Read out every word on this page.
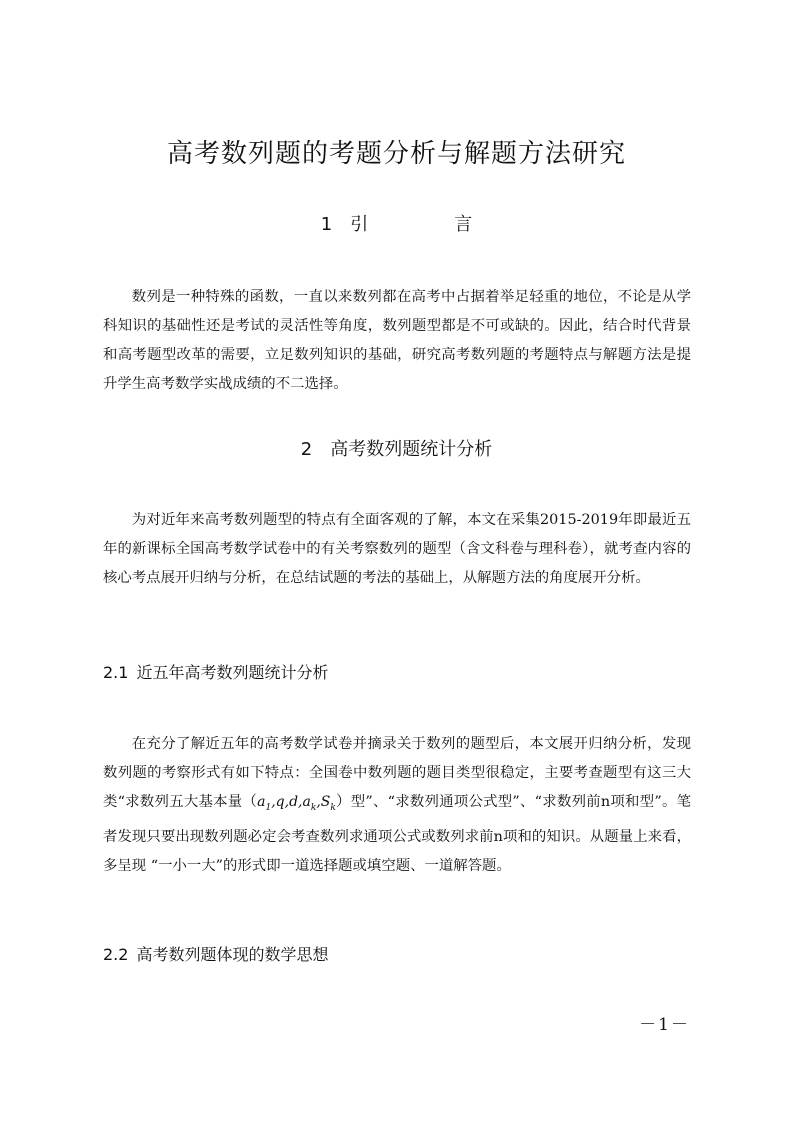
高考数列题的考题分析与解题方法研究
1 引　言

数列是一种特殊的函数，一直以来数列都在高考中占据着举足轻重的地位，不论是从学科知识的基础性还是考试的灵活性等角度，数列题型都是不可或缺的。因此，结合时代背景和高考题型改革的需要，立足数列知识的基础，研究高考数列题的考题特点与解题方法是提升学生高考数学实战成绩的不二选择。

2 高考数列题统计分析

为对近年来高考数列题型的特点有全面客观的了解，本文在采集2015-2019年即最近五年的新课标全国高考数学试卷中的有关考察数列的题型（含文科卷与理科卷），就考查内容的核心考点展开归纳与分析，在总结试题的考法的基础上，从解题方法的角度展开分析。

2.1 近五年高考数列题统计分析

在充分了解近五年的高考数学试卷并摘录关于数列的题型后，本文展开归纳分析，发现数列题的考察形式有如下特点：全国卷中数列题的题目类型很稳定，主要考查题型有这三大类“求数列五大基本量$(a_1,q,d,a_k,S_k)$型”、“求数列通项公式型”、“求数列前n项和型”。笔者发现只要出现数列题必定会考查数列求通项公式或数列求前n项和的知识。从题量上来看，多呈现 “一小一大”的形式即一道选择题或填空题、一道解答题。

2.2 高考数列题体现的数学思想
－1－
